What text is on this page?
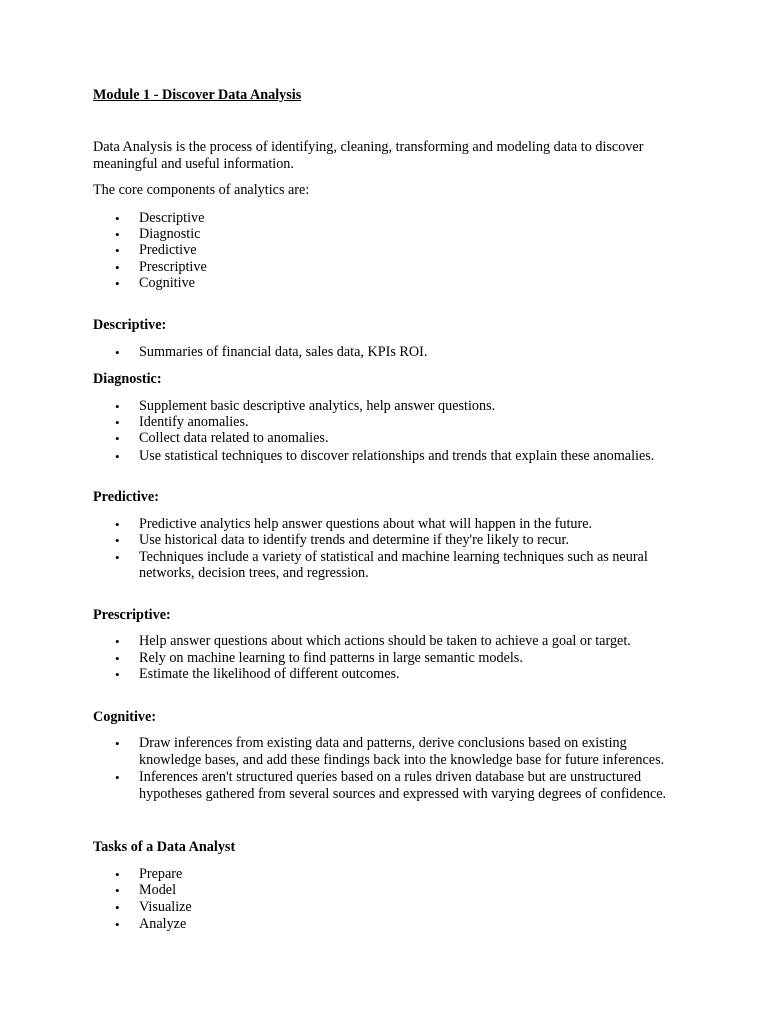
Module 1 - Discover Data Analysis
Data Analysis is the process of identifying, cleaning, transforming and modeling data to discover
meaningful and useful information.
The core components of analytics are:
• Descriptive
• Diagnostic
• Predictive
• Prescriptive
• Cognitive
Descriptive:
• Summaries of financial data, sales data, KPIs ROI.
Diagnostic:
• Supplement basic descriptive analytics, help answer questions.
• Identify anomalies.
• Collect data related to anomalies.
• Use statistical techniques to discover relationships and trends that explain these anomalies.
Predictive:
• Predictive analytics help answer questions about what will happen in the future.
• Use historical data to identify trends and determine if they're likely to recur.
• Techniques include a variety of statistical and machine learning techniques such as neural
networks, decision trees, and regression.
Prescriptive:
• Help answer questions about which actions should be taken to achieve a goal or target.
• Rely on machine learning to find patterns in large semantic models.
• Estimate the likelihood of different outcomes.
Cognitive:
• Draw inferences from existing data and patterns, derive conclusions based on existing
knowledge bases, and add these findings back into the knowledge base for future inferences.
• Inferences aren't structured queries based on a rules driven database but are unstructured
hypotheses gathered from several sources and expressed with varying degrees of confidence.
Tasks of a Data Analyst
• Prepare
• Model
• Visualize
• Analyze
